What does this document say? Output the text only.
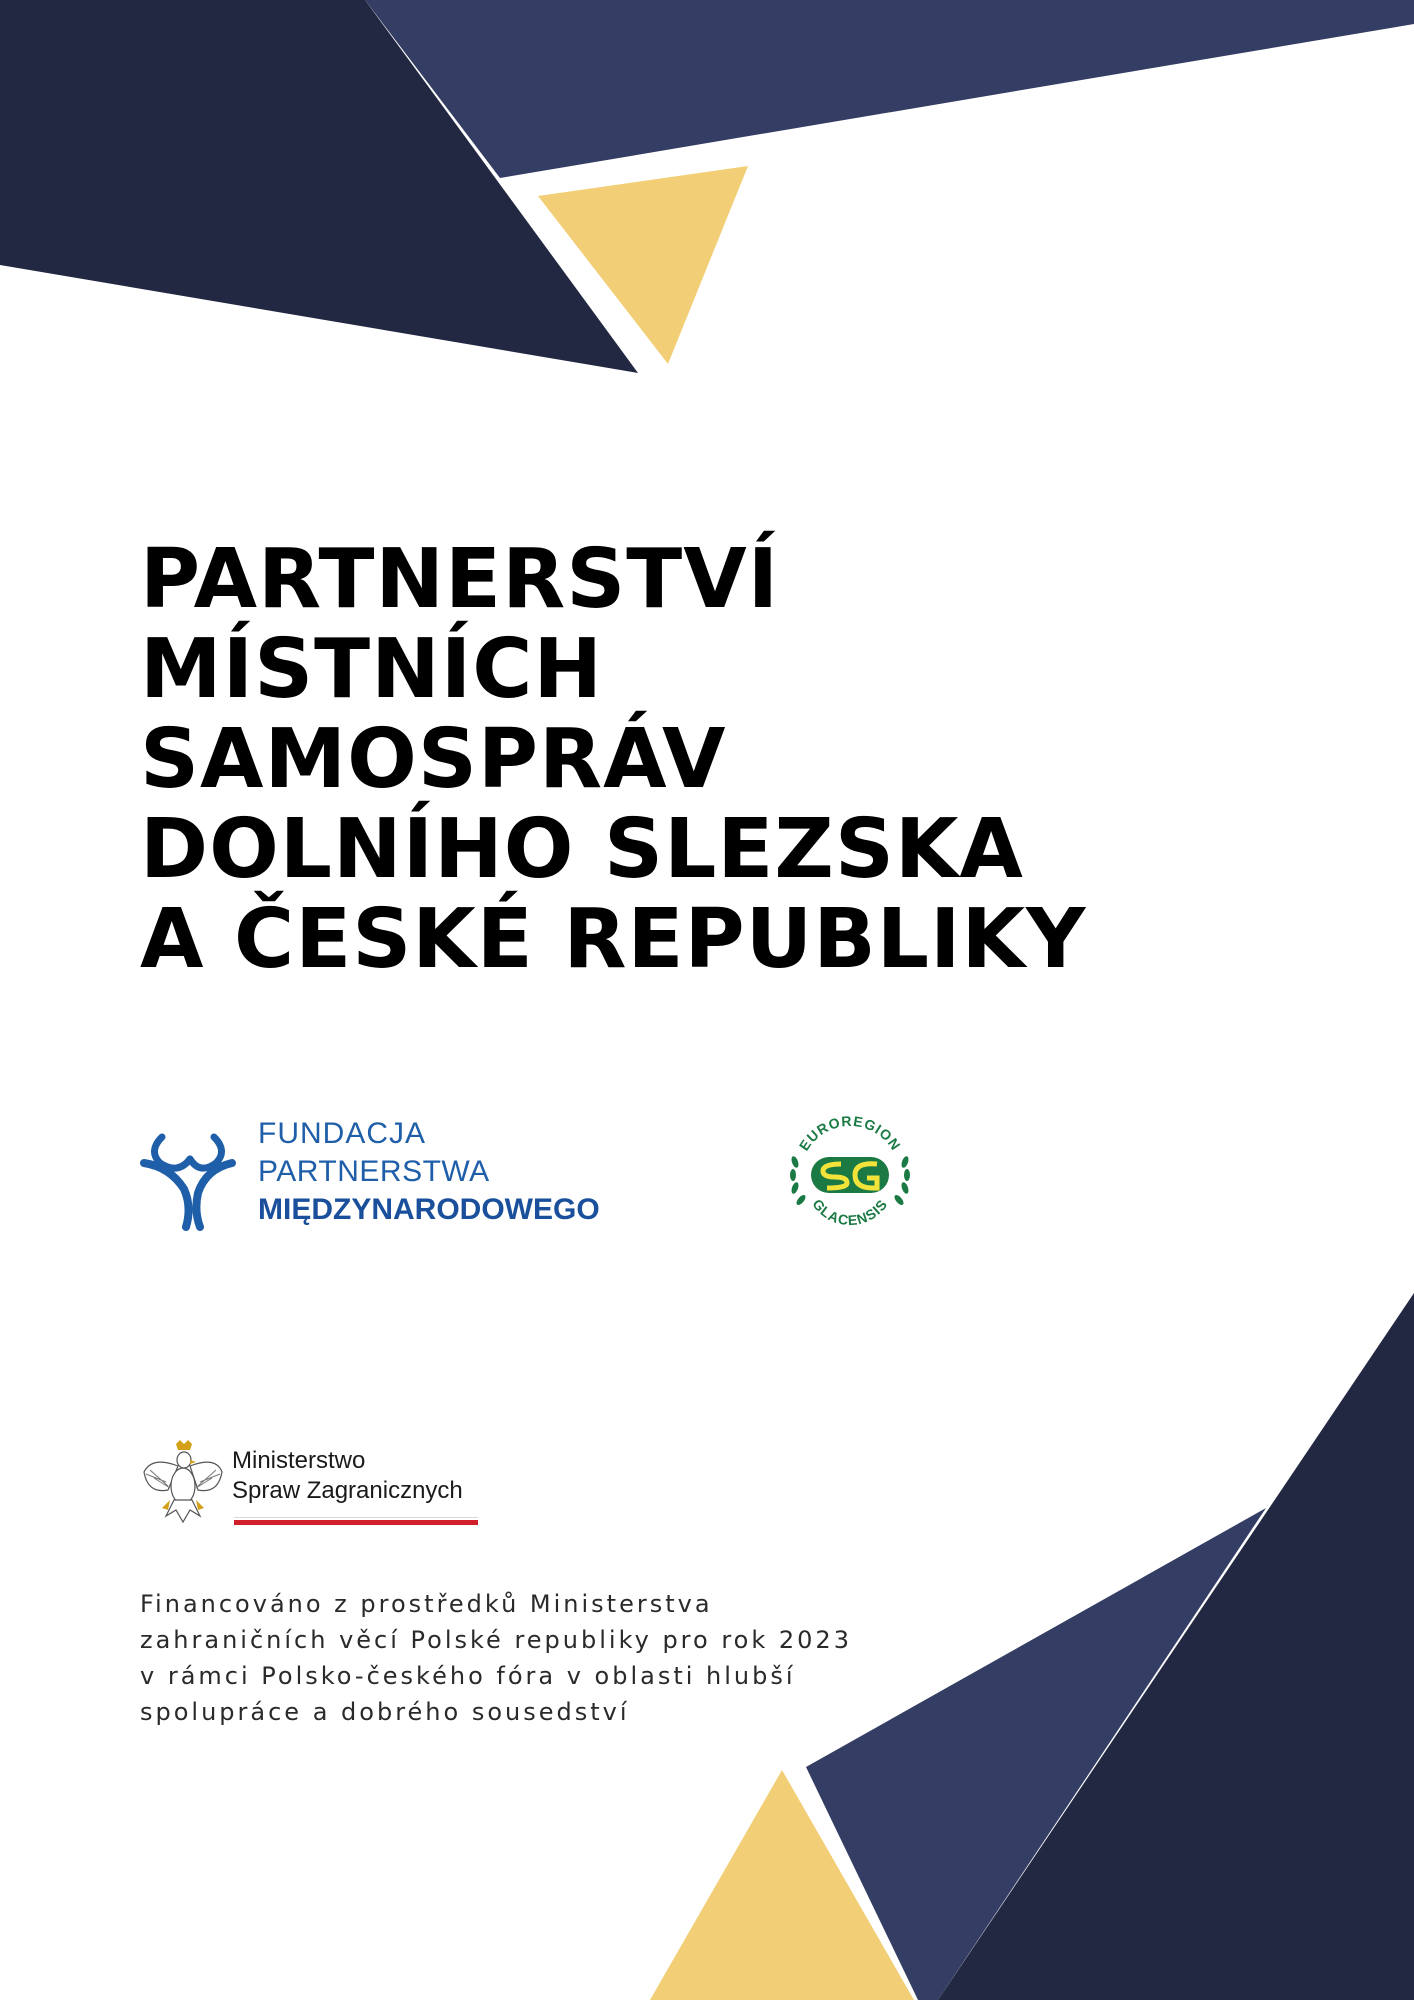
PARTNERSTVÍ
MÍSTNÍCH
SAMOSPRÁV
DOLNÍHO SLEZSKA
A ČESKÉ REPUBLIKY
FUNDACJA
PARTNERSTWA
MIĘDZYNARODOWEGO
EUROREGION
GLACENSIS
Ministerstwo
Spraw Zagranicznych

Financováno z prostředků Ministerstva
zahraničních věcí Polské republiky pro rok 2023
v rámci Polsko-českého fóra v oblasti hlubší
spolupráce a dobrého sousedství
